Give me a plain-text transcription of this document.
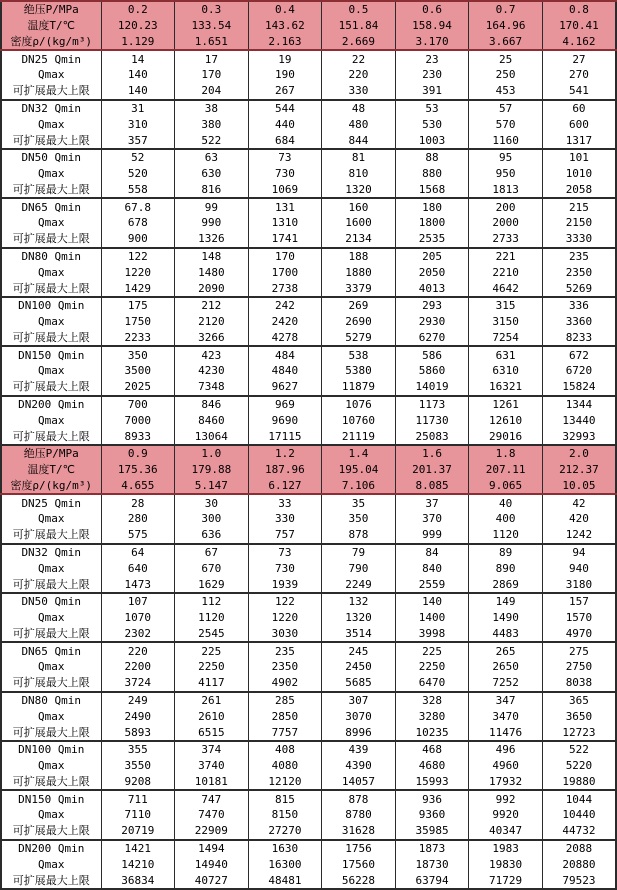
绝压P/MPa	0.2	0.3	0.4	0.5	0.6	0.7	0.8
温度T/℃	120.23	133.54	143.62	151.84	158.94	164.96	170.41
密度ρ/(kg/m³)	1.129	1.651	2.163	2.669	3.170	3.667	4.162
DN25 Qmin	14	17	19	22	23	25	27
Qmax	140	170	190	220	230	250	270
可扩展最大上限	140	204	267	330	391	453	541
DN32 Qmin	31	38	544	48	53	57	60
Qmax	310	380	440	480	530	570	600
可扩展最大上限	357	522	684	844	1003	1160	1317
DN50 Qmin	52	63	73	81	88	95	101
Qmax	520	630	730	810	880	950	1010
可扩展最大上限	558	816	1069	1320	1568	1813	2058
DN65 Qmin	67.8	99	131	160	180	200	215
Qmax	678	990	1310	1600	1800	2000	2150
可扩展最大上限	900	1326	1741	2134	2535	2733	3330
DN80 Qmin	122	148	170	188	205	221	235
Qmax	1220	1480	1700	1880	2050	2210	2350
可扩展最大上限	1429	2090	2738	3379	4013	4642	5269
DN100 Qmin	175	212	242	269	293	315	336
Qmax	1750	2120	2420	2690	2930	3150	3360
可扩展最大上限	2233	3266	4278	5279	6270	7254	8233
DN150 Qmin	350	423	484	538	586	631	672
Qmax	3500	4230	4840	5380	5860	6310	6720
可扩展最大上限	2025	7348	9627	11879	14019	16321	15824
DN200 Qmin	700	846	969	1076	1173	1261	1344
Qmax	7000	8460	9690	10760	11730	12610	13440
可扩展最大上限	8933	13064	17115	21119	25083	29016	32993
绝压P/MPa	0.9	1.0	1.2	1.4	1.6	1.8	2.0
温度T/℃	175.36	179.88	187.96	195.04	201.37	207.11	212.37
密度ρ/(kg/m³)	4.655	5.147	6.127	7.106	8.085	9.065	10.05
DN25 Qmin	28	30	33	35	37	40	42
Qmax	280	300	330	350	370	400	420
可扩展最大上限	575	636	757	878	999	1120	1242
DN32 Qmin	64	67	73	79	84	89	94
Qmax	640	670	730	790	840	890	940
可扩展最大上限	1473	1629	1939	2249	2559	2869	3180
DN50 Qmin	107	112	122	132	140	149	157
Qmax	1070	1120	1220	1320	1400	1490	1570
可扩展最大上限	2302	2545	3030	3514	3998	4483	4970
DN65 Qmin	220	225	235	245	225	265	275
Qmax	2200	2250	2350	2450	2250	2650	2750
可扩展最大上限	3724	4117	4902	5685	6470	7252	8038
DN80 Qmin	249	261	285	307	328	347	365
Qmax	2490	2610	2850	3070	3280	3470	3650
可扩展最大上限	5893	6515	7757	8996	10235	11476	12723
DN100 Qmin	355	374	408	439	468	496	522
Qmax	3550	3740	4080	4390	4680	4960	5220
可扩展最大上限	9208	10181	12120	14057	15993	17932	19880
DN150 Qmin	711	747	815	878	936	992	1044
Qmax	7110	7470	8150	8780	9360	9920	10440
可扩展最大上限	20719	22909	27270	31628	35985	40347	44732
DN200 Qmin	1421	1494	1630	1756	1873	1983	2088
Qmax	14210	14940	16300	17560	18730	19830	20880
可扩展最大上限	36834	40727	48481	56228	63794	71729	79523
